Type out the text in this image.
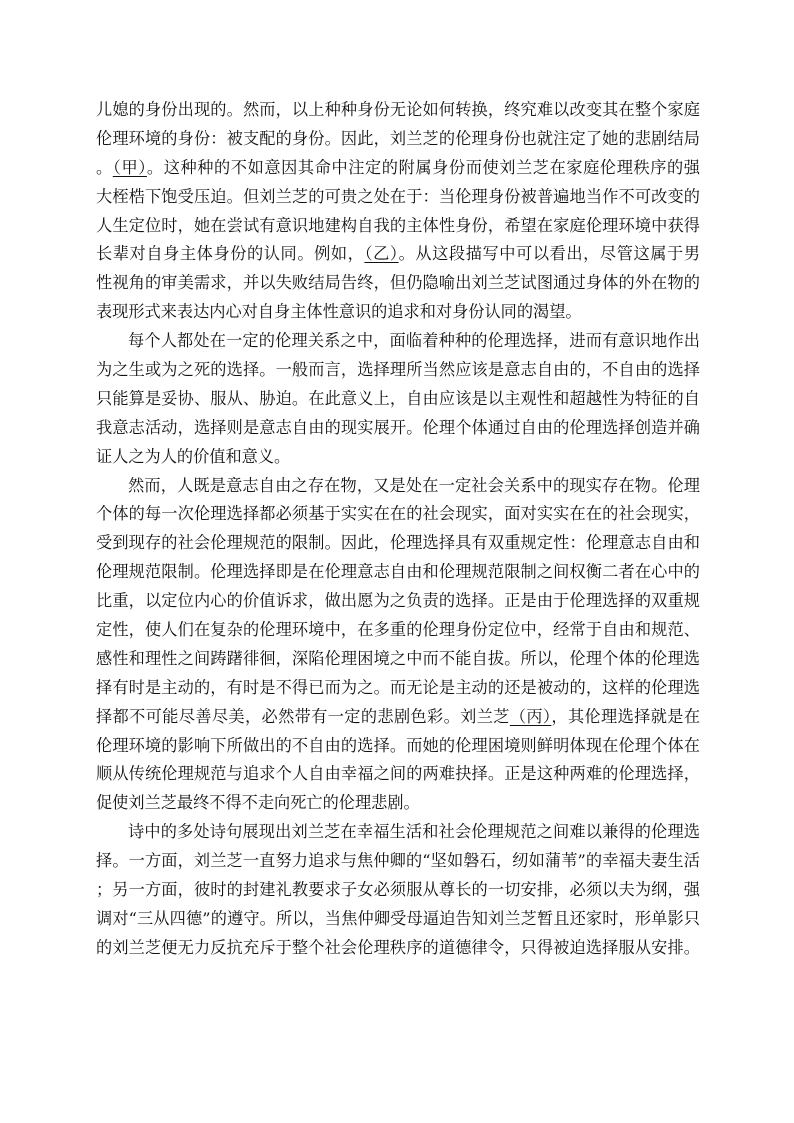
儿媳的身份出现的。然而，以上种种身份无论如何转换，终究难以改变其在整个家庭
伦理环境的身份：被支配的身份。因此，刘兰芝的伦理身份也就注定了她的悲剧结局
。（甲）。这种种的不如意因其命中注定的附属身份而使刘兰芝在家庭伦理秩序的强
大桎梏下饱受压迫。但刘兰芝的可贵之处在于：当伦理身份被普遍地当作不可改变的
人生定位时，她在尝试有意识地建构自我的主体性身份，希望在家庭伦理环境中获得
长辈对自身主体身份的认同。例如，（乙）。从这段描写中可以看出，尽管这属于男
性视角的审美需求，并以失败结局告终，但仍隐喻出刘兰芝试图通过身体的外在物的
表现形式来表达内心对自身主体性意识的追求和对身份认同的渴望。
每个人都处在一定的伦理关系之中，面临着种种的伦理选择，进而有意识地作出
为之生或为之死的选择。一般而言，选择理所当然应该是意志自由的，不自由的选择
只能算是妥协、服从、胁迫。在此意义上，自由应该是以主观性和超越性为特征的自
我意志活动，选择则是意志自由的现实展开。伦理个体通过自由的伦理选择创造并确
证人之为人的价值和意义。
然而，人既是意志自由之存在物，又是处在一定社会关系中的现实存在物。伦理
个体的每一次伦理选择都必须基于实实在在的社会现实，面对实实在在的社会现实，
受到现存的社会伦理规范的限制。因此，伦理选择具有双重规定性：伦理意志自由和
伦理规范限制。伦理选择即是在伦理意志自由和伦理规范限制之间权衡二者在心中的
比重，以定位内心的价值诉求，做出愿为之负责的选择。正是由于伦理选择的双重规
定性，使人们在复杂的伦理环境中，在多重的伦理身份定位中，经常于自由和规范、
感性和理性之间踌躇徘徊，深陷伦理困境之中而不能自拔。所以，伦理个体的伦理选
择有时是主动的，有时是不得已而为之。而无论是主动的还是被动的，这样的伦理选
择都不可能尽善尽美，必然带有一定的悲剧色彩。刘兰芝（丙），其伦理选择就是在
伦理环境的影响下所做出的不自由的选择。而她的伦理困境则鲜明体现在伦理个体在
顺从传统伦理规范与追求个人自由幸福之间的两难抉择。正是这种两难的伦理选择，
促使刘兰芝最终不得不走向死亡的伦理悲剧。
诗中的多处诗句展现出刘兰芝在幸福生活和社会伦理规范之间难以兼得的伦理选
择。一方面，刘兰芝一直努力追求与焦仲卿的“坚如磐石，纫如蒲苇”的幸福夫妻生活
；另一方面，彼时的封建礼教要求子女必须服从尊长的一切安排，必须以夫为纲，强
调对“三从四德”的遵守。所以，当焦仲卿受母逼迫告知刘兰芝暂且还家时，形单影只
的刘兰芝便无力反抗充斥于整个社会伦理秩序的道德律令，只得被迫选择服从安排。
